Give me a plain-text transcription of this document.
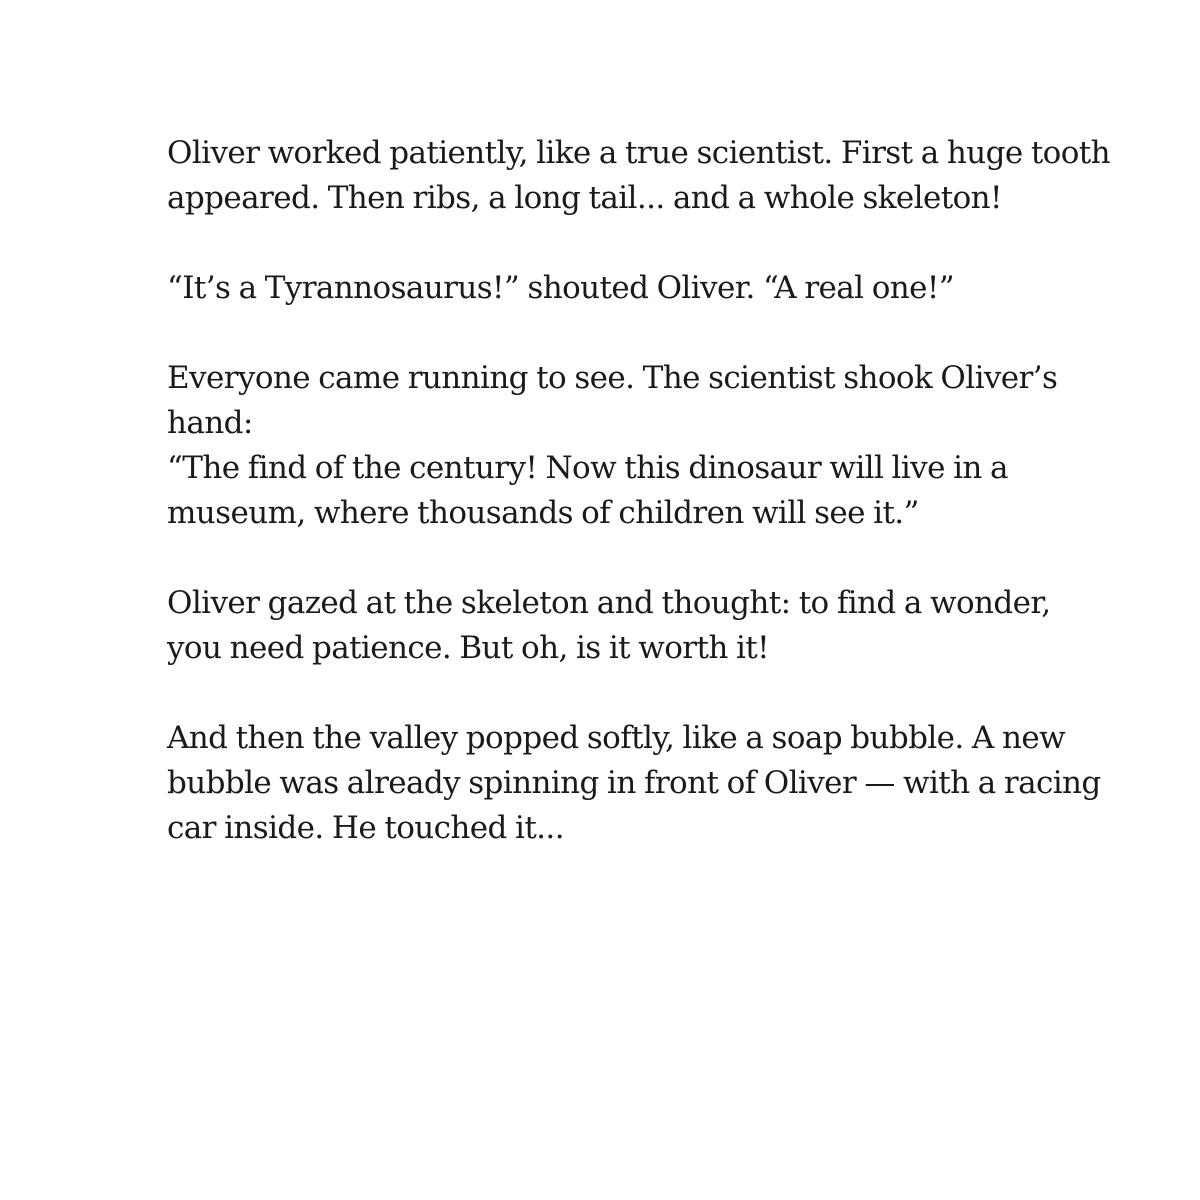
Oliver worked patiently, like a true scientist. First a huge tooth
appeared. Then ribs, a long tail... and a whole skeleton!

“It’s a Tyrannosaurus!” shouted Oliver. “A real one!”

Everyone came running to see. The scientist shook Oliver’s
hand:
“The find of the century! Now this dinosaur will live in a
museum, where thousands of children will see it.”

Oliver gazed at the skeleton and thought: to find a wonder,
you need patience. But oh, is it worth it!

And then the valley popped softly, like a soap bubble. A new
bubble was already spinning in front of Oliver — with a racing
car inside. He touched it...
